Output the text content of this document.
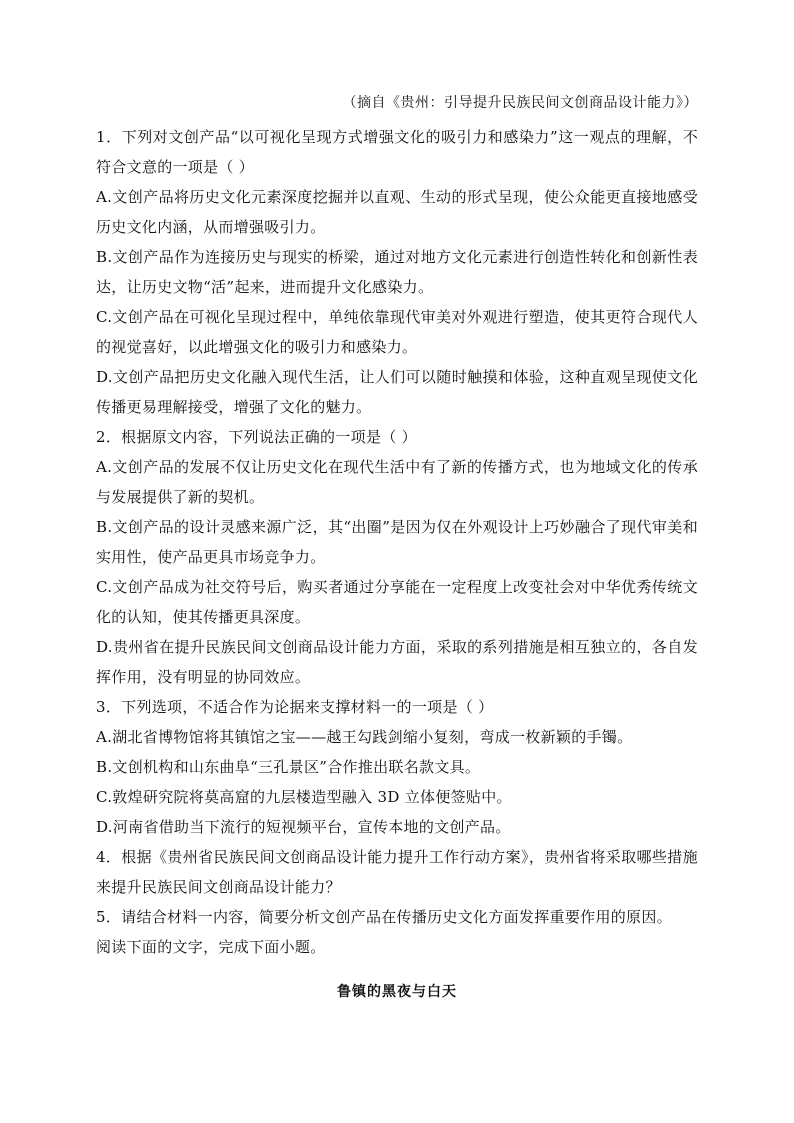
（摘自《贵州：引导提升民族民间文创商品设计能力》）

1．下列对文创产品“以可视化呈现方式增强文化的吸引力和感染力”这一观点的理解，不符合文意的一项是（ ）

A.文创产品将历史文化元素深度挖掘并以直观、生动的形式呈现，使公众能更直接地感受历史文化内涵，从而增强吸引力。

B.文创产品作为连接历史与现实的桥梁，通过对地方文化元素进行创造性转化和创新性表达，让历史文物“活”起来，进而提升文化感染力。

C.文创产品在可视化呈现过程中，单纯依靠现代审美对外观进行塑造，使其更符合现代人的视觉喜好，以此增强文化的吸引力和感染力。

D.文创产品把历史文化融入现代生活，让人们可以随时触摸和体验，这种直观呈现使文化传播更易理解接受，增强了文化的魅力。

2．根据原文内容，下列说法正确的一项是（ ）

A.文创产品的发展不仅让历史文化在现代生活中有了新的传播方式，也为地域文化的传承与发展提供了新的契机。

B.文创产品的设计灵感来源广泛，其“出圈”是因为仅在外观设计上巧妙融合了现代审美和实用性，使产品更具市场竞争力。

C.文创产品成为社交符号后，购买者通过分享能在一定程度上改变社会对中华优秀传统文化的认知，使其传播更具深度。

D.贵州省在提升民族民间文创商品设计能力方面，采取的系列措施是相互独立的，各自发挥作用，没有明显的协同效应。

3．下列选项，不适合作为论据来支撑材料一的一项是（ ）

A.湖北省博物馆将其镇馆之宝——越王勾践剑缩小复刻，弯成一枚新颖的手镯。

B.文创机构和山东曲阜“三孔景区”合作推出联名款文具。

C.敦煌研究院将莫高窟的九层楼造型融入 3D 立体便签贴中。

D.河南省借助当下流行的短视频平台，宣传本地的文创产品。

4．根据《贵州省民族民间文创商品设计能力提升工作行动方案》，贵州省将采取哪些措施来提升民族民间文创商品设计能力？

5．请结合材料一内容，简要分析文创产品在传播历史文化方面发挥重要作用的原因。

阅读下面的文字，完成下面小题。

鲁镇的黑夜与白天
